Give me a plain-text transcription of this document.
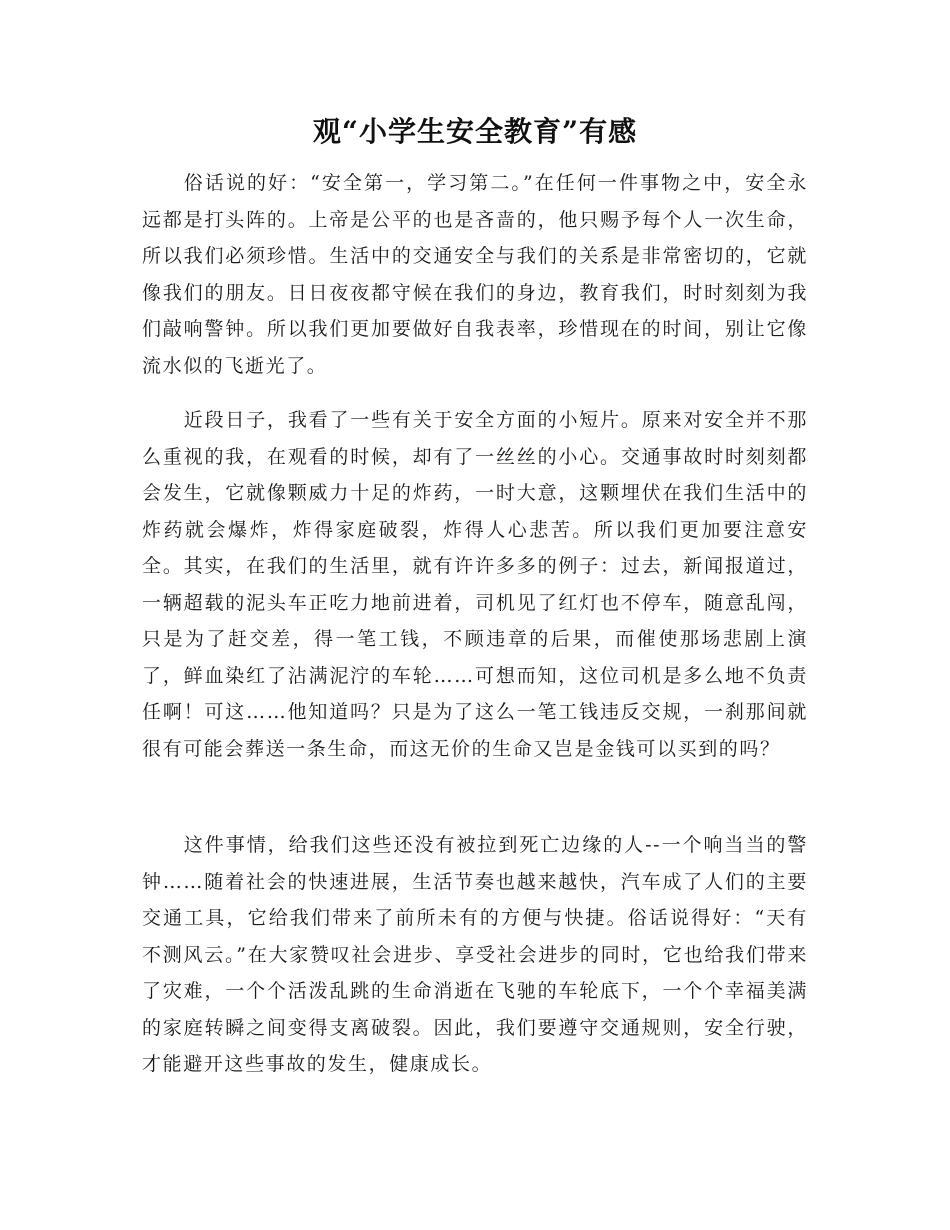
观“小学生安全教育”有感

俗话说的好：“安全第一，学习第二。”在任何一件事物之中，安全永远都是打头阵的。上帝是公平的也是吝啬的，他只赐予每个人一次生命，所以我们必须珍惜。生活中的交通安全与我们的关系是非常密切的，它就像我们的朋友。日日夜夜都守候在我们的身边，教育我们，时时刻刻为我们敲响警钟。所以我们更加要做好自我表率，珍惜现在的时间，别让它像流水似的飞逝光了。

近段日子，我看了一些有关于安全方面的小短片。原来对安全并不那么重视的我，在观看的时候，却有了一丝丝的小心。交通事故时时刻刻都会发生，它就像颗威力十足的炸药，一时大意，这颗埋伏在我们生活中的炸药就会爆炸，炸得家庭破裂，炸得人心悲苦。所以我们更加要注意安全。其实，在我们的生活里，就有许许多多的例子：过去，新闻报道过，一辆超载的泥头车正吃力地前进着，司机见了红灯也不停车，随意乱闯，只是为了赶交差，得一笔工钱，不顾违章的后果，而催使那场悲剧上演了，鲜血染红了沾满泥泞的车轮……可想而知，这位司机是多么地不负责任啊！可这……他知道吗？只是为了这么一笔工钱违反交规，一刹那间就很有可能会葬送一条生命，而这无价的生命又岂是金钱可以买到的吗？

这件事情，给我们这些还没有被拉到死亡边缘的人--一个响当当的警钟……随着社会的快速进展，生活节奏也越来越快，汽车成了人们的主要交通工具，它给我们带来了前所未有的方便与快捷。俗话说得好：“天有不测风云。”在大家赞叹社会进步、享受社会进步的同时，它也给我们带来了灾难，一个个活泼乱跳的生命消逝在飞驰的车轮底下，一个个幸福美满的家庭转瞬之间变得支离破裂。因此，我们要遵守交通规则，安全行驶，才能避开这些事故的发生，健康成长。
